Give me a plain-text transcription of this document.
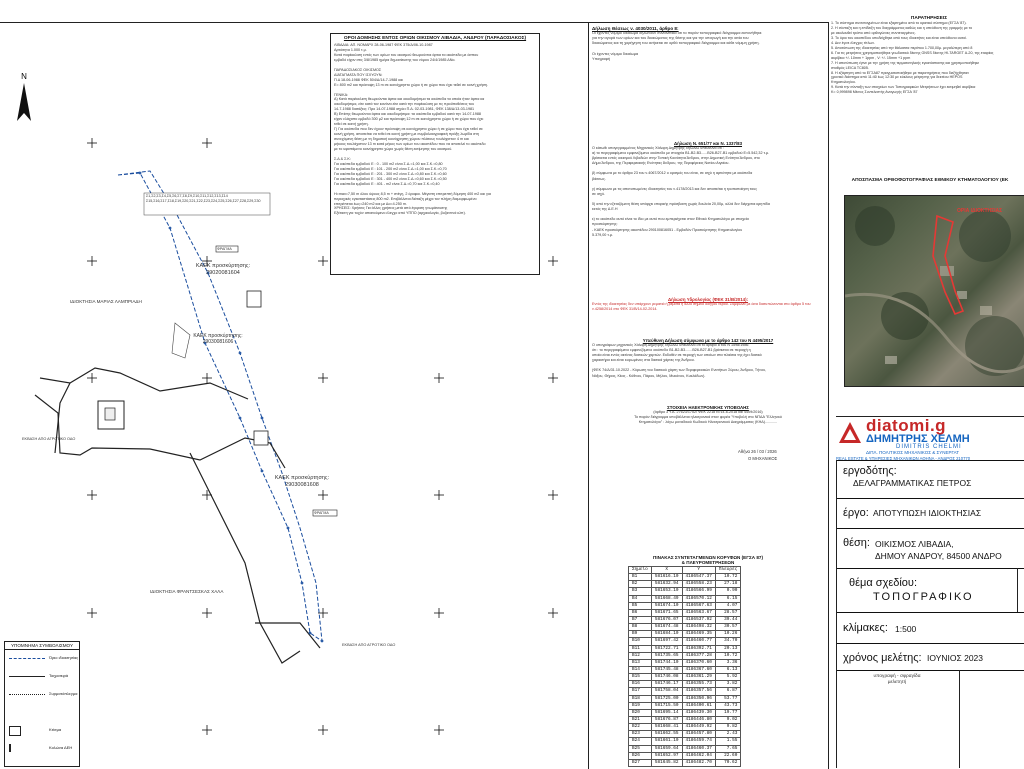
Ν
Σ1,Σ2,Σ3,Σ4,Σ5,Σ6,Σ7,Σ8,Σ9,Σ10,Σ11,Σ12,Σ13,Σ14 Σ15,Σ16,Σ17,Σ18,Σ19,Σ20,Σ21,Σ22,Σ23,Σ24,Σ25,Σ26,Σ27,Σ28,Σ29,Σ30
ΚΑΕΚ προσκύρτησης: 29020081604
ΚΑΕΚ προσκύρτησης: 29030081606
ΚΑΕΚ προσκύρτησης: 29030081608
ΙΔΙΟΚΤΗΣΙΑ ΜΑΡΙΑΣ ΛΑΜΠΡΙΑΔΗ
ΙΔΙΟΚΤΗΣΙΑ ΦΡΑΝΤΣΕΣΚΑΣ ΧΑΛΑ
ΕΚΒΑΣΗ ΑΠΟ ΑΓΡΟΤΙΚΟ ΟΔΟ
ΕΚΒΑΣΗ ΑΠΟ ΑΓΡΟΤΙΚΟ ΟΔΟ
ΦΡΑΓΜΑ
ΦΡΑΓΜΑ
ΟΡΟΙ ΔΟΜΗΣΗΣ ΕΝΤΟΣ ΟΡΙΩΝ ΟΙΚΙΣΜΟΥ ΛΙΒΑΔΙΑ, ΑΝΔΡΟΥ (ΠΑΡΑΔΟΣΙΑΚΟΣ)
ΛΙΒΑΔΙΑ: ΑΠ. ΝΟΜΑΡΧ 28-06-1987 ΦΕΚ 375/Δ/06-10-1987
Αρτιότητα 1.000 τ.μ.
Κατά παρέκκλιση εντός των ορίων του οικισμού θεωρούνται άρτια τα οικόπεδα με όσπου
εμβαδό είχαν στις 3/8/1985 ημέρα δημοσίευσης του νόμου 24/4/1985 ΔΝο.

ΠΑΡΑΔΟΣΙΑΚΟΣ ΟΙΚΙΣΜΟΣ
ΔΙΑΤΑΓΜΑΤΑ ΠΟΥ ΙΣΧΥΟΥΝ:
Π.Δ 18-06-1988 ΦΕΚ 504/Δ/14-7-1988 και
Ε= 800 m2 και πρόσοψη 13 m σε κοινόχρηστο χώρο ή σε χώρο που έχει τεθεί σε κοινή χρήση.

ΓΕΝΙΚΑ:
Α) Κατά παρέκκλιση θεωρούνται άρτια και οικοδομήσιμα τα οικόπεδα τα οποία ήταν άρτια κα
οικοδομήσιμα, είτε κατά τον κανόνα είτε κατά την παρέκκλιση με τις προϋποθέσεις του
14-7-1988 διατάξεις: Προ 14-07-1988 ισχύει Π.Δ. 02-03-1981, ΦΕΚ 138/Δ/13-03-1981
Β) Επίσης θεωρούνται άρτια και οικοδομήσιμα: τα οικόπεδα εμβαδού κατά την 14-07-1988
είχαν ελάχιστο εμβαδό 300 μ2 και πρόσοψη 12 m σε κοινόχρηστο χώρο ή σε χώρο που έχει
τεθεί σε κοινή χρήση.
Γ) Για οικόπεδα που δεν έχουν πρόσοψη σε κοινόχρηστο χώρο ή σε χώρο που έχει τεθεί σε
κοινή χρήση, απαιτείται να τεθεί σε κοινή χρήση με συμβολαιογραφική πράξη λωρίδα στη
συνεχόμενη θέση με τη δημοτική κοινόχρηστη χώρου πλάτους τουλάχιστον 4 m και
μήκους τουλάχιστον 13 m κατά μήκος των ορίων του οικοπέδου που να αποτελεί το οικόπεδο
με το υφιστάμενο κοινόχρηστο χώρο χωρίς θέση εκτίμησης του οικισμού.

Σ.Δ & Σ.Κ:
Για οικόπεδα εμβαδού Ε : 0 - 100 m2 είναι Σ.Δ.=1,00 και Σ.Κ.=0,80
Για οικόπεδα εμβαδού Ε : 101 - 200 m2 είναι Σ.Δ.=1,00 και Σ.Κ.=0,70
Για οικόπεδα εμβαδού Ε : 201 - 300 m2 είναι Σ.Δ.=0,80 και Σ.Κ.=0,60
Για οικόπεδα εμβαδού Ε : 301 - 400 m2 είναι Σ.Δ.=0,60 και Σ.Κ.=0,50
Για οικόπεδα εμβαδού Ε : 401 - m2 είναι Σ.Δ.=0,70 και Σ.Κ.=0,40

Η=max=7,50 m όλου ύψους 8,5 m + στέγη, 2 όροφοι. Μέγιστη επιτρεπτή δόμηση 400 m2 και για
περιοχικές εγκαταστάσεις 800 m2. Επιβάλλεται διάταξη μέχρι τον πλήρη διαμορφωμένο
επιτρέπεται έως=240 m2 και με Δο=4.250 m.
ΧΡΗΣΕΙΣ: Χρήσεις Για άλλες χρήσεις μετά από έγκριση γνωμάτευσης
Εξέταση για τυχόν απαιτούμενο έλεγχο από ΥΠΠΟ (αρχαιολογία, βυζαντινά κλπ).
ΥΠΟΜΝΗΜΑ ΣΥΜΒΟΛΙΣΜΟΥ
Όριο ιδιοκτησίας
Τοιχοσειρά
Συρματόπλεγμα
Κτίσμα
Κολώνα ΔΕΗ
Δήλωση Θέσεως ν. 4030/2011, άρθρο 8:
Οι έχοντες νόμιμο δικαίωμα δηλώνουν συναινετικά ότι το παρόν τοπογραφικό διάγραμμα εκπονήθηκε
για την αγορά των ορίων και του δικαιώματος της θέσης και για την υπαγωγή και την αιτία του
δικαιώματος και τη χορήγηση του ανήκεται σε ορθό τοπογραφικό διάγραμμα και κάθε νόμιμη χρήση.

Οι έχοντες νόμιμο δικαίωμα
Υπογραφή
Δήλωση Ν. 651/77 και Ν. 1337/83
Ο κάτωθι υπογεγραμμένος Μηχανικός Χάλαρη Δημήτρης δηλώνω υπεύθυνα ότι :
α) το περιγραφόμενο εμφανιζόμενο οικόπεδο με στοιχεία Β1-Β2-Β3......Β26-Β27-Β1 εμβαδού Ε=5.542,32 τ.μ.
βρίσκεται εντός οικισμού Λιβαδιών στην Τοπική Κοινότητα Άνδρου, στην Δημοτική Ενότητα Άνδρου, στο
Δήμο Άνδρου, της Περιφερειακής Ενότητας Άνδρου, της Περιφέρειας Νοτίου Αιγαίου.

β) σύμφωνα με το άρθρο 23 του ν.4067/2012 ο ορισμός του είναι, σε ισχύ η αρτιότητα με οικόπεδα
βάσεως.

γ) σύμφωνα με τις αποτυπωμένες ιδιοκτησίες του ν.4178/2013 και δεν απαιτείται η τροποποίηση τους
σε ισχύ.

δ) από την εξεταζόμενη θέση υπάρχει επαρκής πρόσβαση χωρίς δουλεία 20,00μ, αλλά δεν διέρχεται κρηπίδα
εκτός της Δ.Ε.Η

ε) το οικόπεδο αυτό είναι το ίδιο με αυτό που εμπεριέχεται στον Εθνικό Κτηματολόγιο με στοιχεία
προσκύρτησης:
- ΚΑΕΚ προσκύρτησης οικοπέδου 290100816051 - Εμβαδόν Προσκύρτησης Κτηματολογίου
5.379,00 τ.μ.
Δήλωση Υδρολογίας (ΦΕΚ 31/Β/2014):
Εντός της ιδιοκτησίας δεν υπάρχουν ρεματιά ή ρέματα ή άλλο σημείο οδηγού νερού. Σύμφωνα με όσα διατυπώνονται στο άρθρο 5 του ν.4258/2014 στο ΦΕΚ 31/Β/14-02-2014.
Υπεύθυνη Δήλωση σύμφωνα με το άρθρο 142 του Ν 4495/2017
Ο υπογράφων μηχανικός Χάλαρη Δημήτρης δηλώνω υπεύθυνα ότι το άρθρο 8 του Ν 1598/1986
ότι : το περιγραφόμενο εμφανιζόμενο οικόπεδο Β1-Β2-Β3.......Β26-Β27-Β1 βρίσκεται σε περιοχή η
οποία είναι εντός ακτίνας δασικών χαρτών. Εκδοθέν σε περιοχή των οποίων στα πλαίσια της έχει δασικό
χαρακτήρα και είναι κυρωμένος στα δασικά χάρτες της Άνδρου.

(ΦΕΚ 74/Δ/31.10.2022 - Κύρωση του δασικού χάρτη των Περιφερειακών Ενοτήτων Σύρου, Άνδρου, Τήνου,
Νάξου, Θήρας, Κέας - Κύθνου, Πάρου, Μήλου, Μυκόνου, Κυκλάδων).
ΣΤΟΙΧΕΙΑ ΗΛΕΚΤΡΟΝΙΚΗΣ ΥΠΟΒΟΛΗΣ
(άρθρο 3 Υ.Α. 27623/1752/ ΦΕΚ 2218 Β'/14-6-2018 και 4409/2016)
Το παρόν διάγραμμα υποβάλλεται ηλεκτρονικά στον φορέα 'Υποβολή στο ΝΠΔΑ ''Ελληνικό
Κτηματολόγιο'' : λόγω μοναδικού Κωδικού Ηλεκτρονικού Διαγράμματος (ΚΗΔ)............
Αθήνα 26 / 03 / 2026
Ο ΜΗΧΑΝΙΚΟΣ
ΠΙΝΑΚΑΣ ΣΥΝΤΕΤΑΓΜΕΝΩΝ ΚΟΡΥΦΩΝ (ΕΓΣΑ 87)
& ΠΛΕΥΡΟΜΕΤΡΗΣΕΩΝ
Σημείο	X	Y	Πλευρές
Β1	581616.10	4186547.37	10.72
Β2	581632.94	4186558.23	27.18
Β3	581653.10	4186566.99	0.90
Β4	581668.49	4186570.12	6.15
Β5	581674.10	4186567.63	4.07
Β6	581671.65	4186563.67	28.57
Β7	581676.07	4186537.92	39.44
Β8	581674.48	4186498.32	30.57
Β9	581684.10	4186469.35	10.26
Β10	581697.42	4186460.77	34.70
Β11	581722.71	4186392.71	20.13
Β12	581735.65	4186377.28	10.72
Β13	581744.10	4186370.60	3.36
Β14	581745.48	4186367.60	6.13
Β15	581746.08	4186361.29	5.92
Β16	581746.17	4186355.73	3.82
Β17	581758.04	4186357.56	6.87
Β18	581725.00	4186350.96	53.77
Β19	581715.50	4186400.61	43.73
Β20	581695.14	4186439.30	19.77
Β21	581676.87	4186446.80	9.02
Β22	581668.41	4186449.92	9.82
Β23	581662.55	4186457.80	2.43
Β24	581661.10	4186459.74	1.55
Β25	581659.64	4186460.37	7.65
Β26	581652.97	4186462.04	22.60
Β27	581645.82	4186482.70	70.62
ΠΑΡΑΤΗΡΗΣΕΙΣ
1. Το σύστημα συντεταγμένων είναι εξαρτημένο από το κρατικό σύστημα (ΕΓΣΑ '87).
2. Η σύνταξη και η επίδειξη του διαγράμματος καθώς και η υπεύθυνη της γραμμής με το
με ακολουθεί τρόπο από ορθογώνιες συντεταγμένες.
3. Το όριο του οικοπέδου υποδείχθηκε από τους ιδιοκτήτες και είναι υπεύθυνοι αυτοί.
4. Δεν έγινε έλεγχος τίτλων.
5. Αποτύπωση της ιδιοκτησίας από την θάλασσα περίπου 1.700,00μ. μεγαλύτερη από 8
6. Για τις μετρήσεις χρησιμοποιήθηκε γεωδαιτικό δέκτης GNSS δέκτης HI-TARGET Α-20, της εταιρίας
ακρίβεια +/- 10mm + 1ppm , V: +/- 15mm +1 ppm
7. Η αποτύπωση έγινε με την χρήση της τερματοτηλικής εγκατάστασης και χρησιμοποιήθηκε
σταθμός LEICA TC805.
8. Η εξάρτηση από το ΕΓΣΑ87 πραγματοποιήθηκε με παρατηρήσεις που διεξήχθησαν
χρονικό διάστημα από 11:40 έως 12:30 με κύκλους μέτρησης για δεκτέου HEPOS
Κτηματολογίου.
9. Κατά την σύνταξη των στοιχείων των Τοπογραφικών Μετρήσεων έχει εκτιμηθεί ακρίβεια
Κ= 0,999898 Μέσος Συντελεστής Αναγωγής ΕΓΣΑ '87
ΑΠΟΣΠΑΣΜΑ ΟΡΘΟΦΩΤΟΓΡΑΦΙΑΣ ΕΘΝΙΚΟΥ ΚΤΗΜΑΤΟΛΟΓΙΟΥ (ΕΚ
ΟΡΙΑ ΙΔΙΟΚΤΗΣΙΑΣ
diatomi.g
ΔΗΜΗΤΡΗΣ ΧΕΛΜΗ
DIMITRIS CHELMI
ΔΙΠΛ. ΠΟΛΙΤΙΚΟΣ ΜΗΧΑΝΙΚΟΣ & ΣΥΝΕΡΓΑΤ
REAL ESTATE & ΥΠΗΡΕΣΙΕΣ ΜΗΧΑΝΙΚΩΝ ΑΘΗΝΑ - ΑΝΔΡΟΣ 210770
εργοδότης:
ΔΕΛΑΓΡΑΜΜΑΤΙΚΑΣ ΠΕΤΡΟΣ
έργο: ΑΠΟΤΥΠΩΣΗ ΙΔΙΟΚΤΗΣΙΑΣ
θέση: ΟΙΚΙΣΜΟΣ ΛΙΒΑΔΙΑ,
ΔΗΜΟΥ ΑΝΔΡΟΥ, 84500 ΑΝΔΡΟ
θέμα σχεδίου:
ΤΟΠΟΓΡΑΦΙΚΟ
κλίμακες: 1:500
χρόνος μελέτης: ΙΟΥΝΙΟΣ 2023
υπογραφή - σφραγίδα μελετητή
